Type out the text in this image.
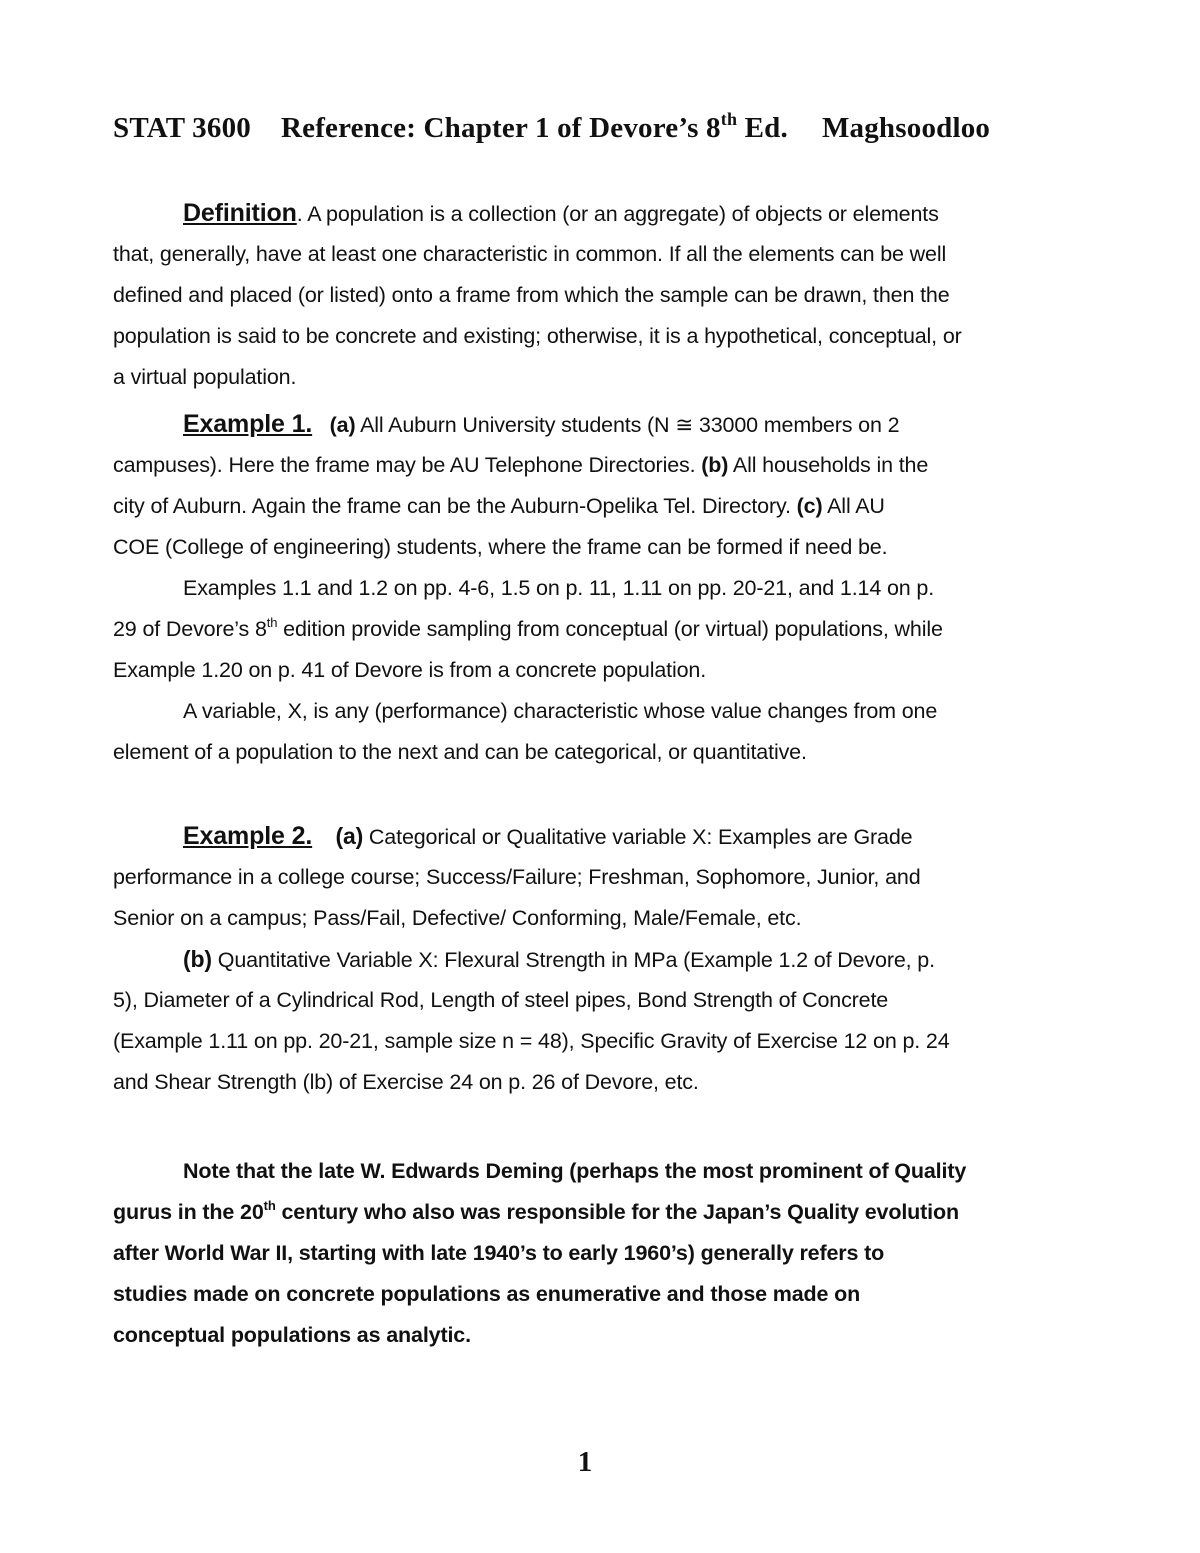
STAT 3600 Reference: Chapter 1 of Devore’s 8th Ed. Maghsoodloo
Definition. A population is a collection (or an aggregate) of objects or elements
that, generally, have at least one characteristic in common. If all the elements can be well
defined and placed (or listed) onto a frame from which the sample can be drawn, then the
population is said to be concrete and existing; otherwise, it is a hypothetical, conceptual, or
a virtual population.
Example 1. (a) All Auburn University students (N ≅ 33000 members on 2
campuses). Here the frame may be AU Telephone Directories. (b) All households in the
city of Auburn. Again the frame can be the Auburn-Opelika Tel. Directory. (c) All AU
COE (College of engineering) students, where the frame can be formed if need be.
Examples 1.1 and 1.2 on pp. 4-6, 1.5 on p. 11, 1.11 on pp. 20-21, and 1.14 on p.
29 of Devore’s 8th edition provide sampling from conceptual (or virtual) populations, while
Example 1.20 on p. 41 of Devore is from a concrete population.
A variable, X, is any (performance) characteristic whose value changes from one
element of a population to the next and can be categorical, or quantitative.
Example 2. (a) Categorical or Qualitative variable X: Examples are Grade
performance in a college course; Success/Failure; Freshman, Sophomore, Junior, and
Senior on a campus; Pass/Fail, Defective/ Conforming, Male/Female, etc.
(b) Quantitative Variable X: Flexural Strength in MPa (Example 1.2 of Devore, p.
5), Diameter of a Cylindrical Rod, Length of steel pipes, Bond Strength of Concrete
(Example 1.11 on pp. 20-21, sample size n = 48), Specific Gravity of Exercise 12 on p. 24
and Shear Strength (lb) of Exercise 24 on p. 26 of Devore, etc.
Note that the late W. Edwards Deming (perhaps the most prominent of Quality
gurus in the 20th century who also was responsible for the Japan’s Quality evolution
after World War II, starting with late 1940’s to early 1960’s) generally refers to
studies made on concrete populations as enumerative and those made on
conceptual populations as analytic.
1
